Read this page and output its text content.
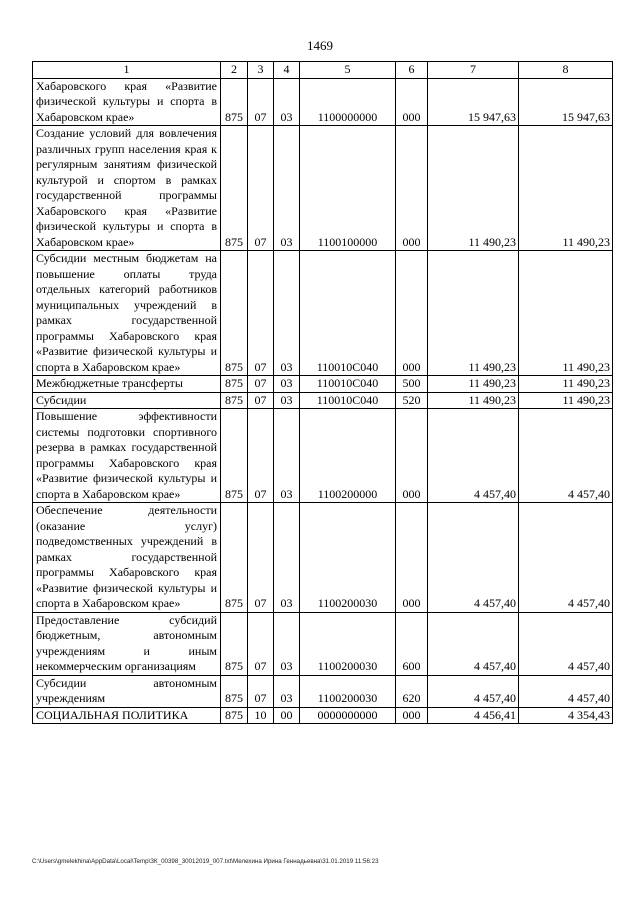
1469
1	2	3	4	5	6	7	8
Хабаровского края «Развитие физической культуры и спорта в Хабаровском крае»	875	07	03	1100000000	000	15 947,63	15 947,63
Создание условий для вовлечения различных групп населения края к регулярным занятиям физической культурой и спортом в рамках государственной программы Хабаровского края «Развитие физической культуры и спорта в Хабаровском крае»	875	07	03	1100100000	000	11 490,23	11 490,23
Субсидии местным бюджетам на повышение оплаты труда отдельных категорий работников муниципальных учреждений в рамках государственной программы Хабаровского края «Развитие физической культуры и спорта в Хабаровском крае»	875	07	03	110010С040	000	11 490,23	11 490,23
Межбюджетные трансферты	875	07	03	110010С040	500	11 490,23	11 490,23
Субсидии	875	07	03	110010С040	520	11 490,23	11 490,23
Повышение эффективности системы подготовки спортивного резерва в рамках государственной программы Хабаровского края «Развитие физической культуры и спорта в Хабаровском крае»	875	07	03	1100200000	000	4 457,40	4 457,40
Обеспечение деятельности (оказание услуг) подведомственных учреждений в рамках государственной программы Хабаровского края «Развитие физической культуры и спорта в Хабаровском крае»	875	07	03	1100200030	000	4 457,40	4 457,40
Предоставление субсидий бюджетным, автономным учреждениям и иным некоммерческим организациям	875	07	03	1100200030	600	4 457,40	4 457,40
Субсидии автономным учреждениям	875	07	03	1100200030	620	4 457,40	4 457,40
СОЦИАЛЬНАЯ ПОЛИТИКА	875	10	00	0000000000	000	4 456,41	4 354,43
C:\Users\gmelekhina\AppData\Local\Temp\ЗК_00398_30012019_007.txt\Мелехина Ирина Геннадьевна\31.01.2019 11:56:23
